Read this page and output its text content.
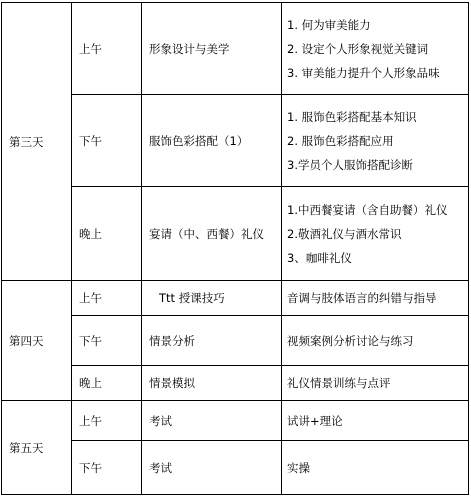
第三天	上午	形象设计与美学	1. 何为审美能力
2. 设定个人形象视觉关键词
3. 审美能力提升个人形象品味

	下午	服饰色彩搭配（1）	1. 服饰色彩搭配基本知识
2. 服饰色彩搭配应用
3.学员个人服饰搭配诊断

	晚上	宴请（中、西餐）礼仪	1.中西餐宴请（含自助餐）礼仪
2.敬酒礼仪与酒水常识
3、咖啡礼仪

第四天	上午	Ttt 授课技巧	音调与肢体语言的纠错与指导

	下午	情景分析	视频案例分析讨论与练习

	晚上	情景模拟	礼仪情景训练与点评

第五天	上午	考试	试讲+理论

	下午	考试	实操
